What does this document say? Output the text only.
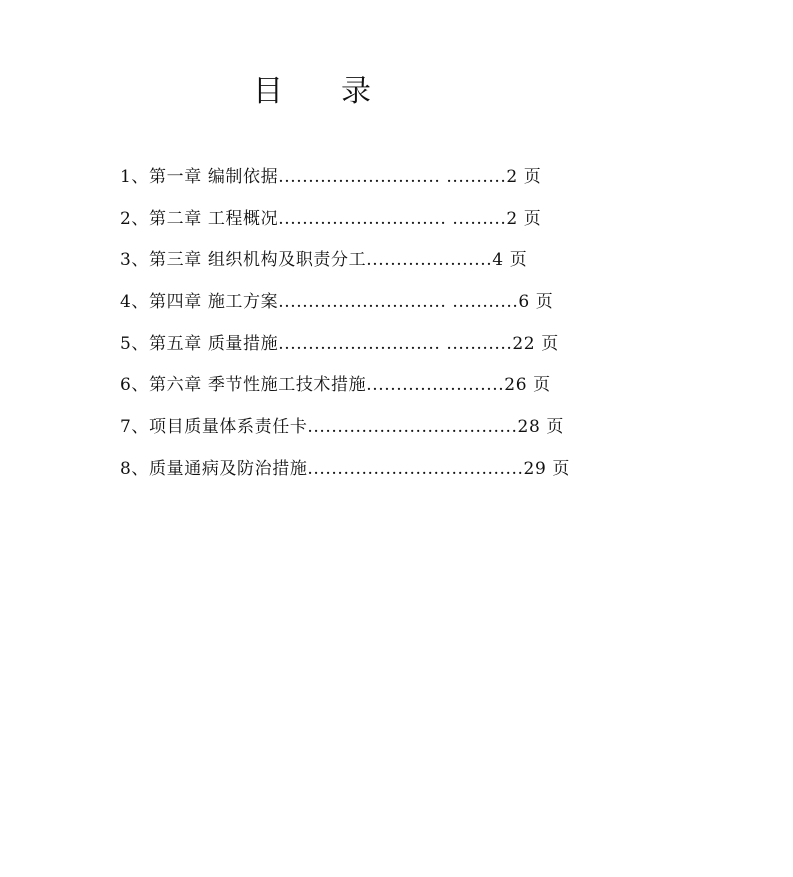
目录
1、第一章 编制依据........................... ..........2 页
2、第二章 工程概况............................ .........2 页
3、第三章 组织机构及职责分工.....................4 页
4、第四章 施工方案............................ ...........6 页
5、第五章 质量措施........................... ...........22 页
6、第六章 季节性施工技术措施.......................26 页
7、项目质量体系责任卡...................................28 页
8、质量通病及防治措施....................................29 页
